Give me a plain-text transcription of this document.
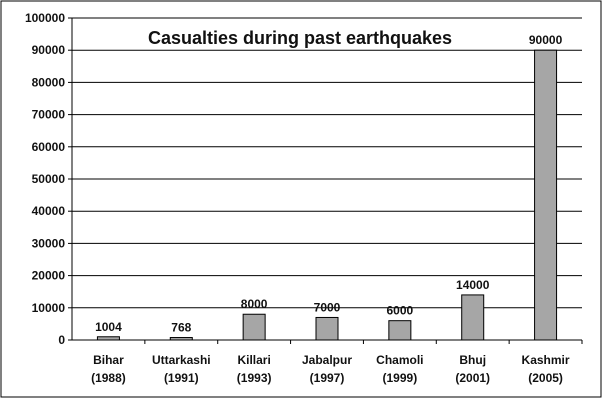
1004	768
8000	7000	6000
14000
90000
0
10000
20000
30000
40000
50000
60000
70000
80000
90000
100000
Bihar
(1988)
Uttarkashi
(1991)
Killari
(1993)
Jabalpur
(1997)
Chamoli
(1999)
Bhuj
(2001)
Kashmir
(2005)
Casualties during past earthquakes
